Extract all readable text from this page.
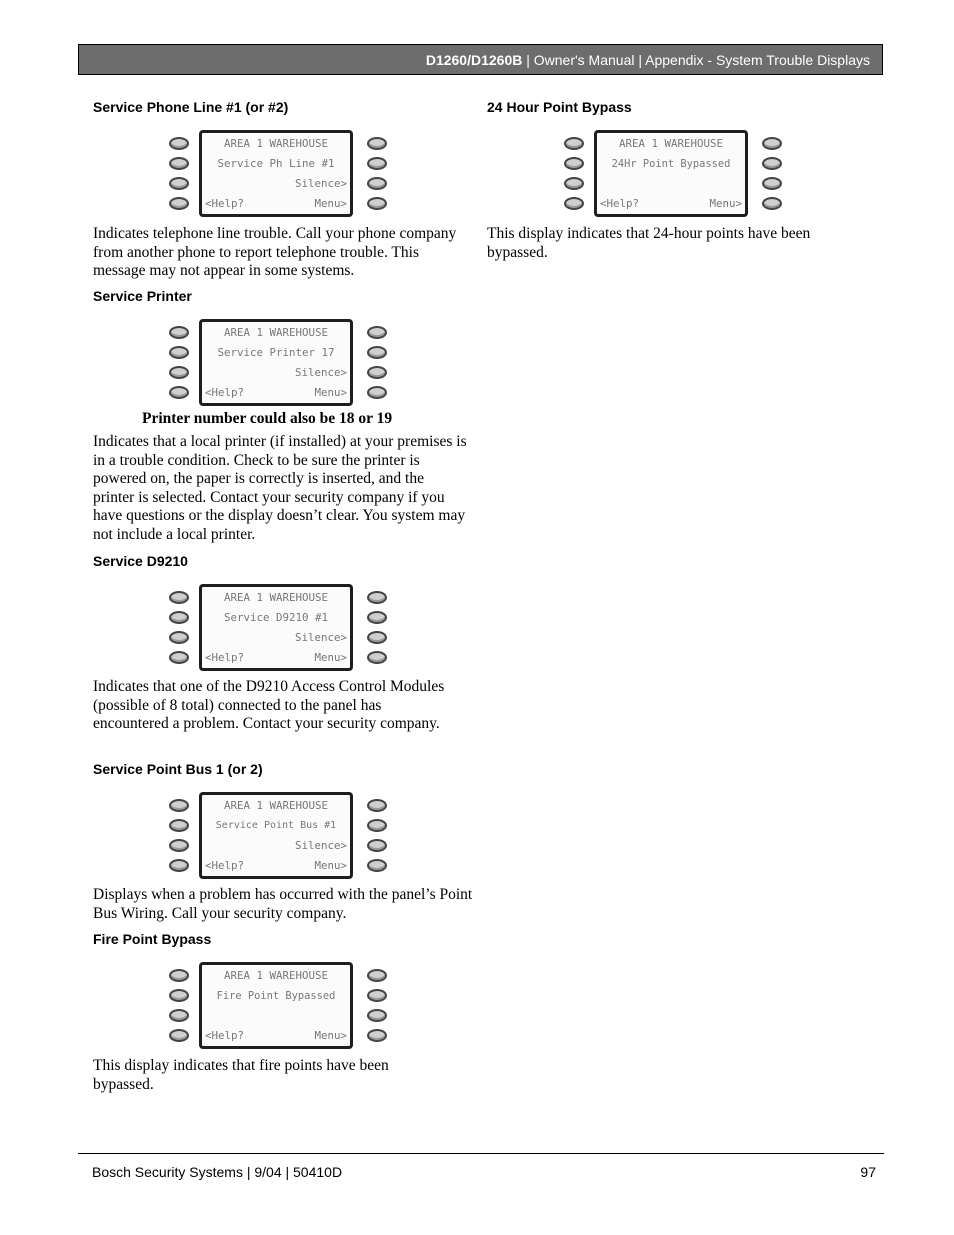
D1260/D1260B | Owner's Manual | Appendix - System Trouble Displays
Service Phone Line #1 (or #2)
AREA 1 WAREHOUSE
Service Ph Line #1
Silence>
<Help?	Menu>

Indicates telephone line trouble. Call your phone company from another phone to report telephone trouble. This message may not appear in some systems.

Service Printer
AREA 1 WAREHOUSE
Service Printer 17
Silence>
<Help?	Menu>
Printer number could also be 18 or 19

Indicates that a local printer (if installed) at your premises is in a trouble condition. Check to be sure the printer is powered on, the paper is correctly is inserted, and the printer is selected. Contact your security company if you have questions or the display doesn’t clear. You system may not include a local printer.

Service D9210
AREA 1 WAREHOUSE
Service D9210 #1
Silence>
<Help?	Menu>

Indicates that one of the D9210 Access Control Modules (possible of 8 total) connected to the panel has encountered a problem. Contact your security company.

Service Point Bus 1 (or 2)
AREA 1 WAREHOUSE
Service Point Bus #1
Silence>
<Help?	Menu>

Displays when a problem has occurred with the panel’s Point Bus Wiring. Call your security company.

Fire Point Bypass
AREA 1 WAREHOUSE
Fire Point Bypassed
<Help?	Menu>

This display indicates that fire points have been bypassed.

24 Hour Point Bypass
AREA 1 WAREHOUSE
24Hr Point Bypassed
<Help?	Menu>

This display indicates that 24-hour points have been bypassed.

Bosch Security Systems | 9/04 | 50410D	97
